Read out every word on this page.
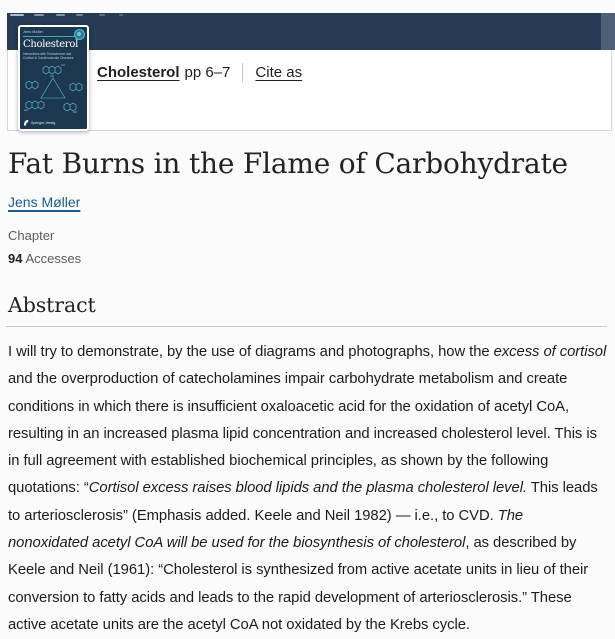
Cholesterol pp 6–7 Cite as
Jens Møller
Cholesterol
Interactions with Testosterone and
Cortisol in Cardiovascular Diseases
CH
OH
HO
HO
Springer-Verlag
Fat Burns in the Flame of Carbohydrate
Jens Møller
Chapter
94 Accesses
Abstract

I will try to demonstrate, by the use of diagrams and photographs, how the excess of cortisol and the overproduction of catecholamines impair carbohydrate metabolism and create conditions in which there is insufficient oxaloacetic acid for the oxidation of acetyl CoA, resulting in an increased plasma lipid concentration and increased cholesterol level. This is in full agreement with established biochemical principles, as shown by the following quotations: “Cortisol excess raises blood lipids and the plasma cholesterol level. This leads to arteriosclerosis” (Emphasis added. Keele and Neil 1982) — i.e., to CVD. The nonoxidated acetyl CoA will be used for the biosynthesis of cholesterol, as described by Keele and Neil (1961): “Cholesterol is synthesized from active acetate units in lieu of their conversion to fatty acids and leads to the rapid development of arteriosclerosis.” These active acetate units are the acetyl CoA not oxidated by the Krebs cycle.
